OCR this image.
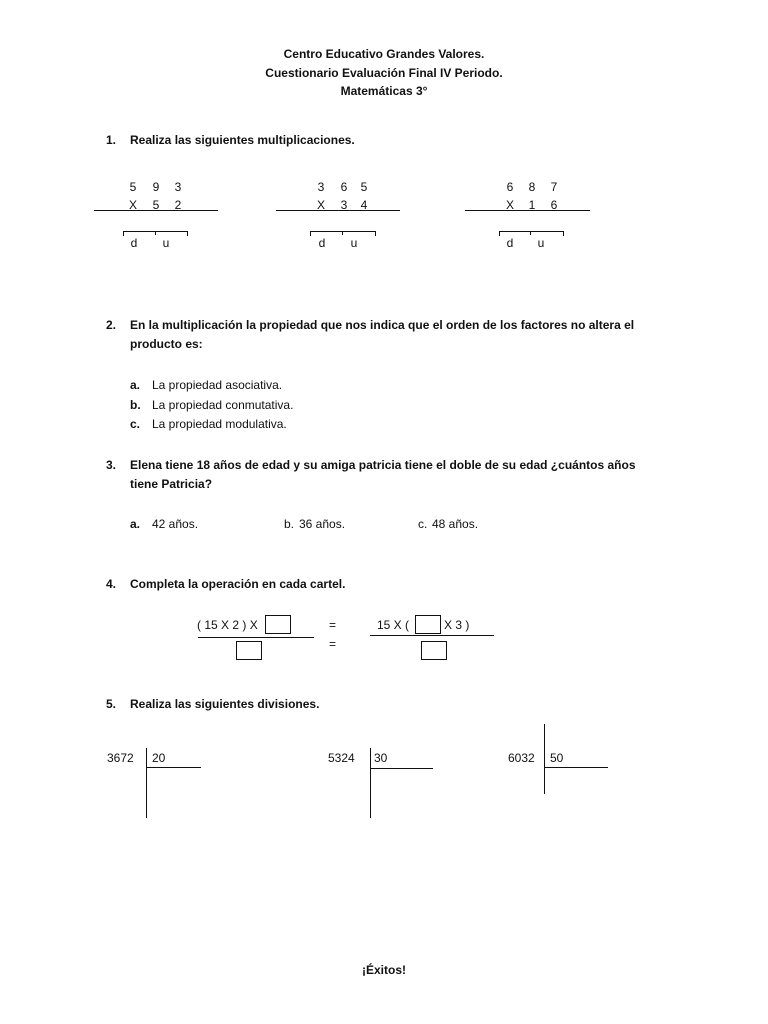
Centro Educativo Grandes Valores.
Cuestionario Evaluación Final IV Periodo.
Matemáticas 3°
1. Realiza las siguientes multiplicaciones.
5 9 3
X 5 2
d u
3 6 5
X 3 4
d u
6 8 7
X 1 6
d u
2. En la multiplicación la propiedad que nos indica que el orden de los factores no altera el
producto es:
a. La propiedad asociativa.
b. La propiedad conmutativa.
c. La propiedad modulativa.
3. Elena tiene 18 años de edad y su amiga patricia tiene el doble de su edad ¿cuántos años
tiene Patricia?
a. 42 años.	b. 36 años.	c. 48 años.
4. Completa la operación en cada cartel.
( 15 X 2 ) X	=
=
15 X (	X 3 )
5. Realiza las siguientes divisiones.
3672 20	5324 30	6032 50
¡Éxitos!
